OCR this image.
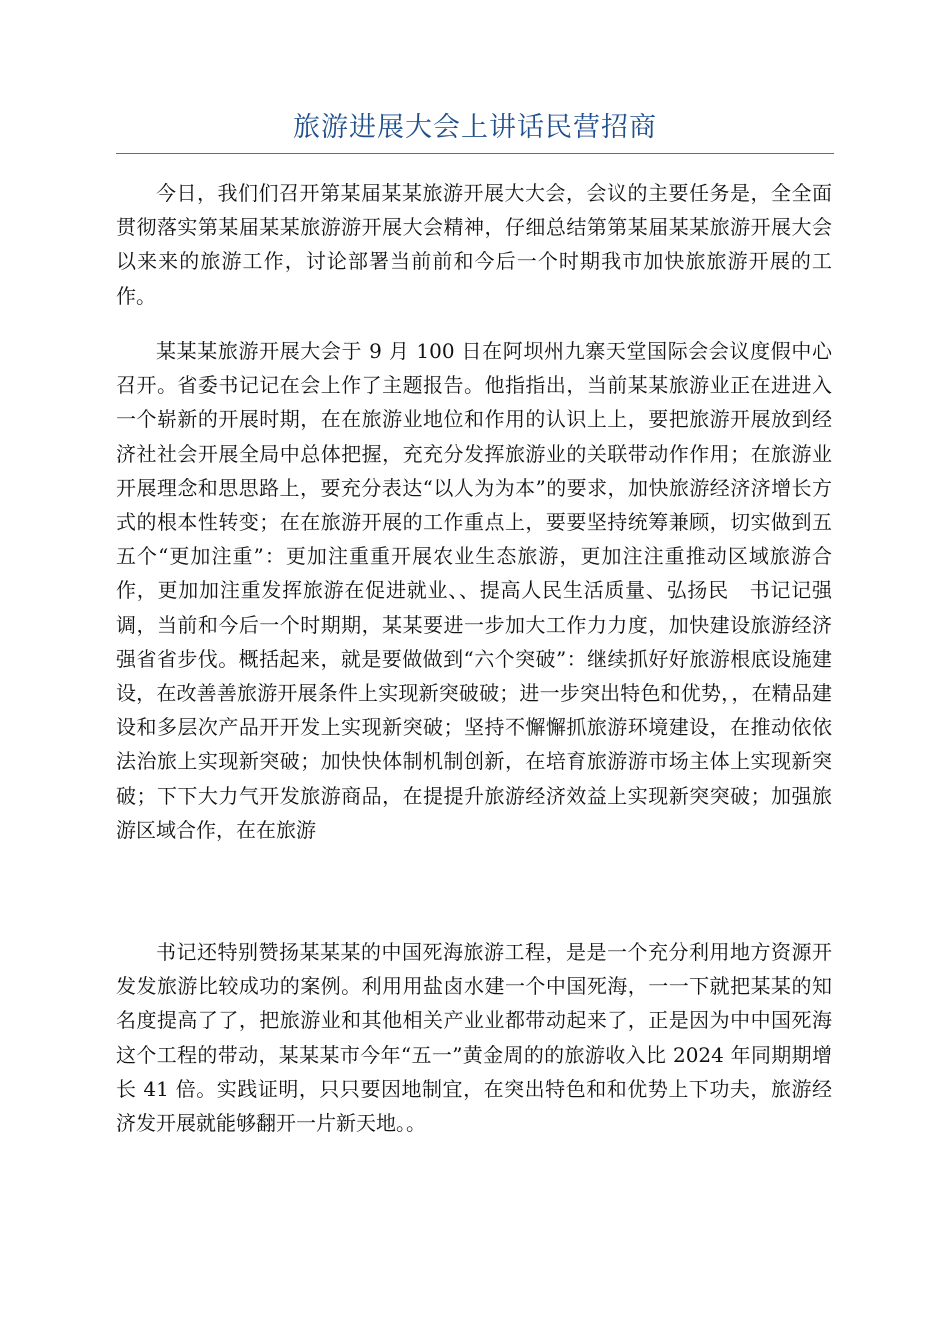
旅游进展大会上讲话民营招商

今日，我们们召开第某届某某旅游开展大大会，会议的主要任务是，全全面贯彻落实第某届某某旅游游开展大会精神，仔细总结第第某届某某旅游开展大会以来来的旅游工作，讨论部署当前前和今后一个时期我市加快旅旅游开展的工作。

某某某旅游开展大会于 9 月 100 日在阿坝州九寨天堂国际会会议度假中心召开。省委书记记在会上作了主题报告。他指指出，当前某某旅游业正在进进入一个崭新的开展时期，在在旅游业地位和作用的认识上上，要把旅游开展放到经济社社会开展全局中总体把握，充充分发挥旅游业的关联带动作作用；在旅游业开展理念和思思路上，要充分表达“以人为为本”的要求，加快旅游经济济增长方式的根本性转变；在在旅游开展的工作重点上，要要坚持统筹兼顾，切实做到五五个“更加注重”：更加注重重开展农业生态旅游，更加注注重推动区域旅游合作，更加加注重发挥旅游在促进就业、、提高人民生活质量、弘扬民　书记记强调，当前和今后一个时期期，某某要进一步加大工作力力度，加快建设旅游经济强省省步伐。概括起来，就是要做做到“六个突破”：继续抓好好旅游根底设施建设，在改善善旅游开展条件上实现新突破破；进一步突出特色和优势，，在精品建设和多层次产品开开发上实现新突破；坚持不懈懈抓旅游环境建设，在推动依依法治旅上实现新突破；加快快体制机制创新，在培育旅游游市场主体上实现新突破；下下大力气开发旅游商品，在提提升旅游经济效益上实现新突突破；加强旅游区域合作，在在旅游

书记还特别赞扬某某某的中国死海旅游工程，是是一个充分利用地方资源开发发旅游比较成功的案例。利用用盐卤水建一个中国死海，一一下就把某某的知名度提高了了，把旅游业和其他相关产业业都带动起来了，正是因为中中国死海这个工程的带动，某某某市今年“五一”黄金周的的旅游收入比 2024 年同期期增长 41 倍。实践证明，只只要因地制宜，在突出特色和和优势上下功夫，旅游经济发开展就能够翻开一片新天地。。
